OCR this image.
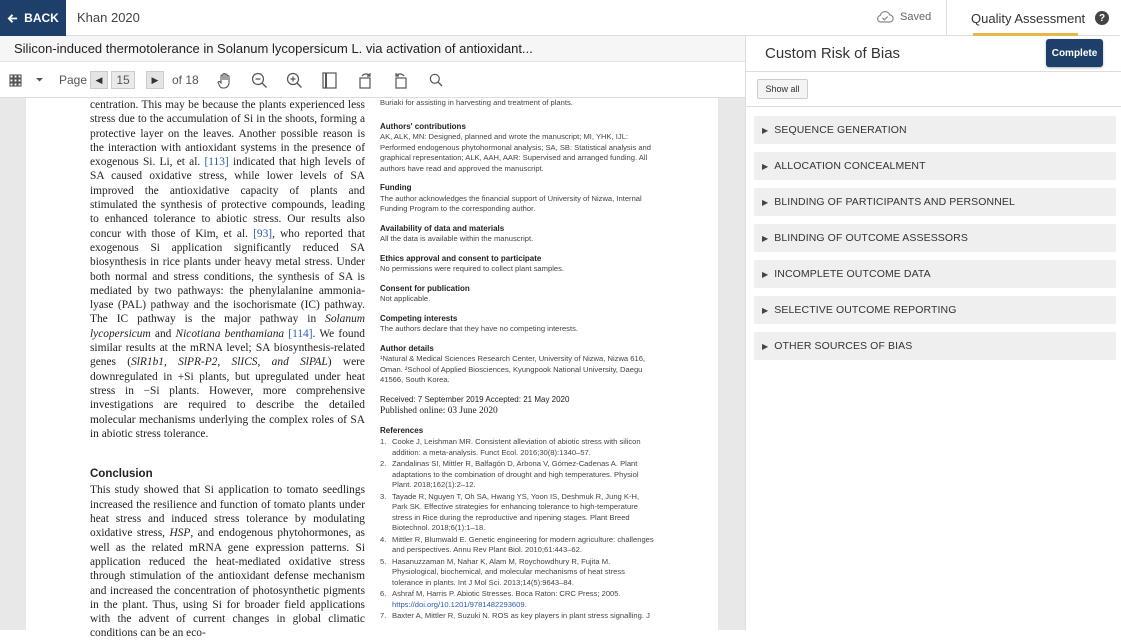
BACK Khan 2020	Saved	Quality Assessment	?
Silicon-induced thermotolerance in Solanum lycopersicum L. via activation of antioxidant...
Page ◀	15	▶	of 18

centration. This may be because the plants experienced less stress due to the accumulation of Si in the shoots, forming a protective layer on the leaves. Another possible reason is the interaction with antioxidant systems in the presence of exogenous Si. Li, et al. [113] indicated that high levels of SA caused oxidative stress, while lower levels of SA improved the antioxidative capacity of plants and stimulated the synthesis of protective compounds, leading to enhanced tolerance to abiotic stress. Our results also concur with those of Kim, et al. [93], who reported that exogenous Si application significantly reduced SA biosynthesis in rice plants under heavy metal stress. Under both normal and stress conditions, the synthesis of SA is mediated by two pathways: the phenylalanine ammonia-lyase (PAL) pathway and the isochorismate (IC) pathway. The IC pathway is the major pathway in Solanum lycopersicum and Nicotiana benthamiana [114]. We found similar results at the mRNA level; SA biosynthesis-related genes (SlR1b1, SlPR-P2, SlICS, and SlPAL) were downregulated in +Si plants, but upregulated under heat stress in −Si plants. However, more comprehensive investigations are required to describe the detailed molecular mechanisms underlying the complex roles of SA in abiotic stress tolerance.

Conclusion

This study showed that Si application to tomato seedlings increased the resilience and function of tomato plants under heat stress and induced stress tolerance by modulating oxidative stress, HSP, and endogenous phytohormones, as well as the related mRNA gene expression patterns. Si application reduced the heat-mediated oxidative stress through stimulation of the antioxidant defense mechanism and increased the concentration of photosynthetic pigments in the plant. Thus, using Si for broader field applications with the advent of current changes in global climatic conditions can be an eco-

Buriaki for assisting in harvesting and treatment of plants.
Authors' contributions
AK, ALK, MN: Designed, planned and wrote the manuscript; MI, YHK, IJL: Performed endogenous phytohormonal analysis; SA, SB: Statistical analysis and graphical representation; ALK, AAH, AAR: Supervised and arranged funding. All authors have read and approved the manuscript.
Funding
The author acknowledges the financial support of University of Nizwa, Internal Funding Program to the corresponding author.
Availability of data and materials
All the data is available within the manuscript.
Ethics approval and consent to participate
No permissions were required to collect plant samples.
Consent for publication
Not applicable.
Competing interests
The authors declare that they have no competing interests.
Author details
¹Natural & Medical Sciences Research Center, University of Nizwa, Nizwa 616, Oman. ²School of Applied Biosciences, Kyungpook National University, Daegu 41566, South Korea.
Received: 7 September 2019 Accepted: 21 May 2020
Published online: 03 June 2020
References
1. Cooke J, Leishman MR. Consistent alleviation of abiotic stress with silicon addition: a meta-analysis. Funct Ecol. 2016;30(8):1340–57.
2. Zandalinas SI, Mittler R, Balfagón D, Arbona V, Gómez-Cadenas A. Plant adaptations to the combination of drought and high temperatures. Physiol Plant. 2018;162(1):2–12.
3. Tayade R, Nguyen T, Oh SA, Hwang YS, Yoon IS, Deshmuk R, Jung K-H, Park SK. Effective strategies for enhancing tolerance to high-temperature stress in Rice during the reproductive and ripening stages. Plant Breed Biotechnol. 2018;6(1):1–18.
4. Mittler R, Blumwald E. Genetic engineering for modern agriculture: challenges and perspectives. Annu Rev Plant Biol. 2010;61:443–62.
5. Hasanuzzaman M, Nahar K, Alam M, Roychowdhury R, Fujita M. Physiological, biochemical, and molecular mechanisms of heat stress tolerance in plants. Int J Mol Sci. 2013;14(5):9643–84.
6. Ashraf M, Harris P. Abiotic Stresses. Boca Raton: CRC Press; 2005. https://doi.org/10.1201/9781482293609.
7. Baxter A, Mittler R, Suzuki N. ROS as key players in plant stress signalling. J
Custom Risk of Bias	Complete
Show all
▶ SEQUENCE GENERATION
▶ ALLOCATION CONCEALMENT
▶ BLINDING OF PARTICIPANTS AND PERSONNEL
▶ BLINDING OF OUTCOME ASSESSORS
▶ INCOMPLETE OUTCOME DATA
▶ SELECTIVE OUTCOME REPORTING
▶ OTHER SOURCES OF BIAS
